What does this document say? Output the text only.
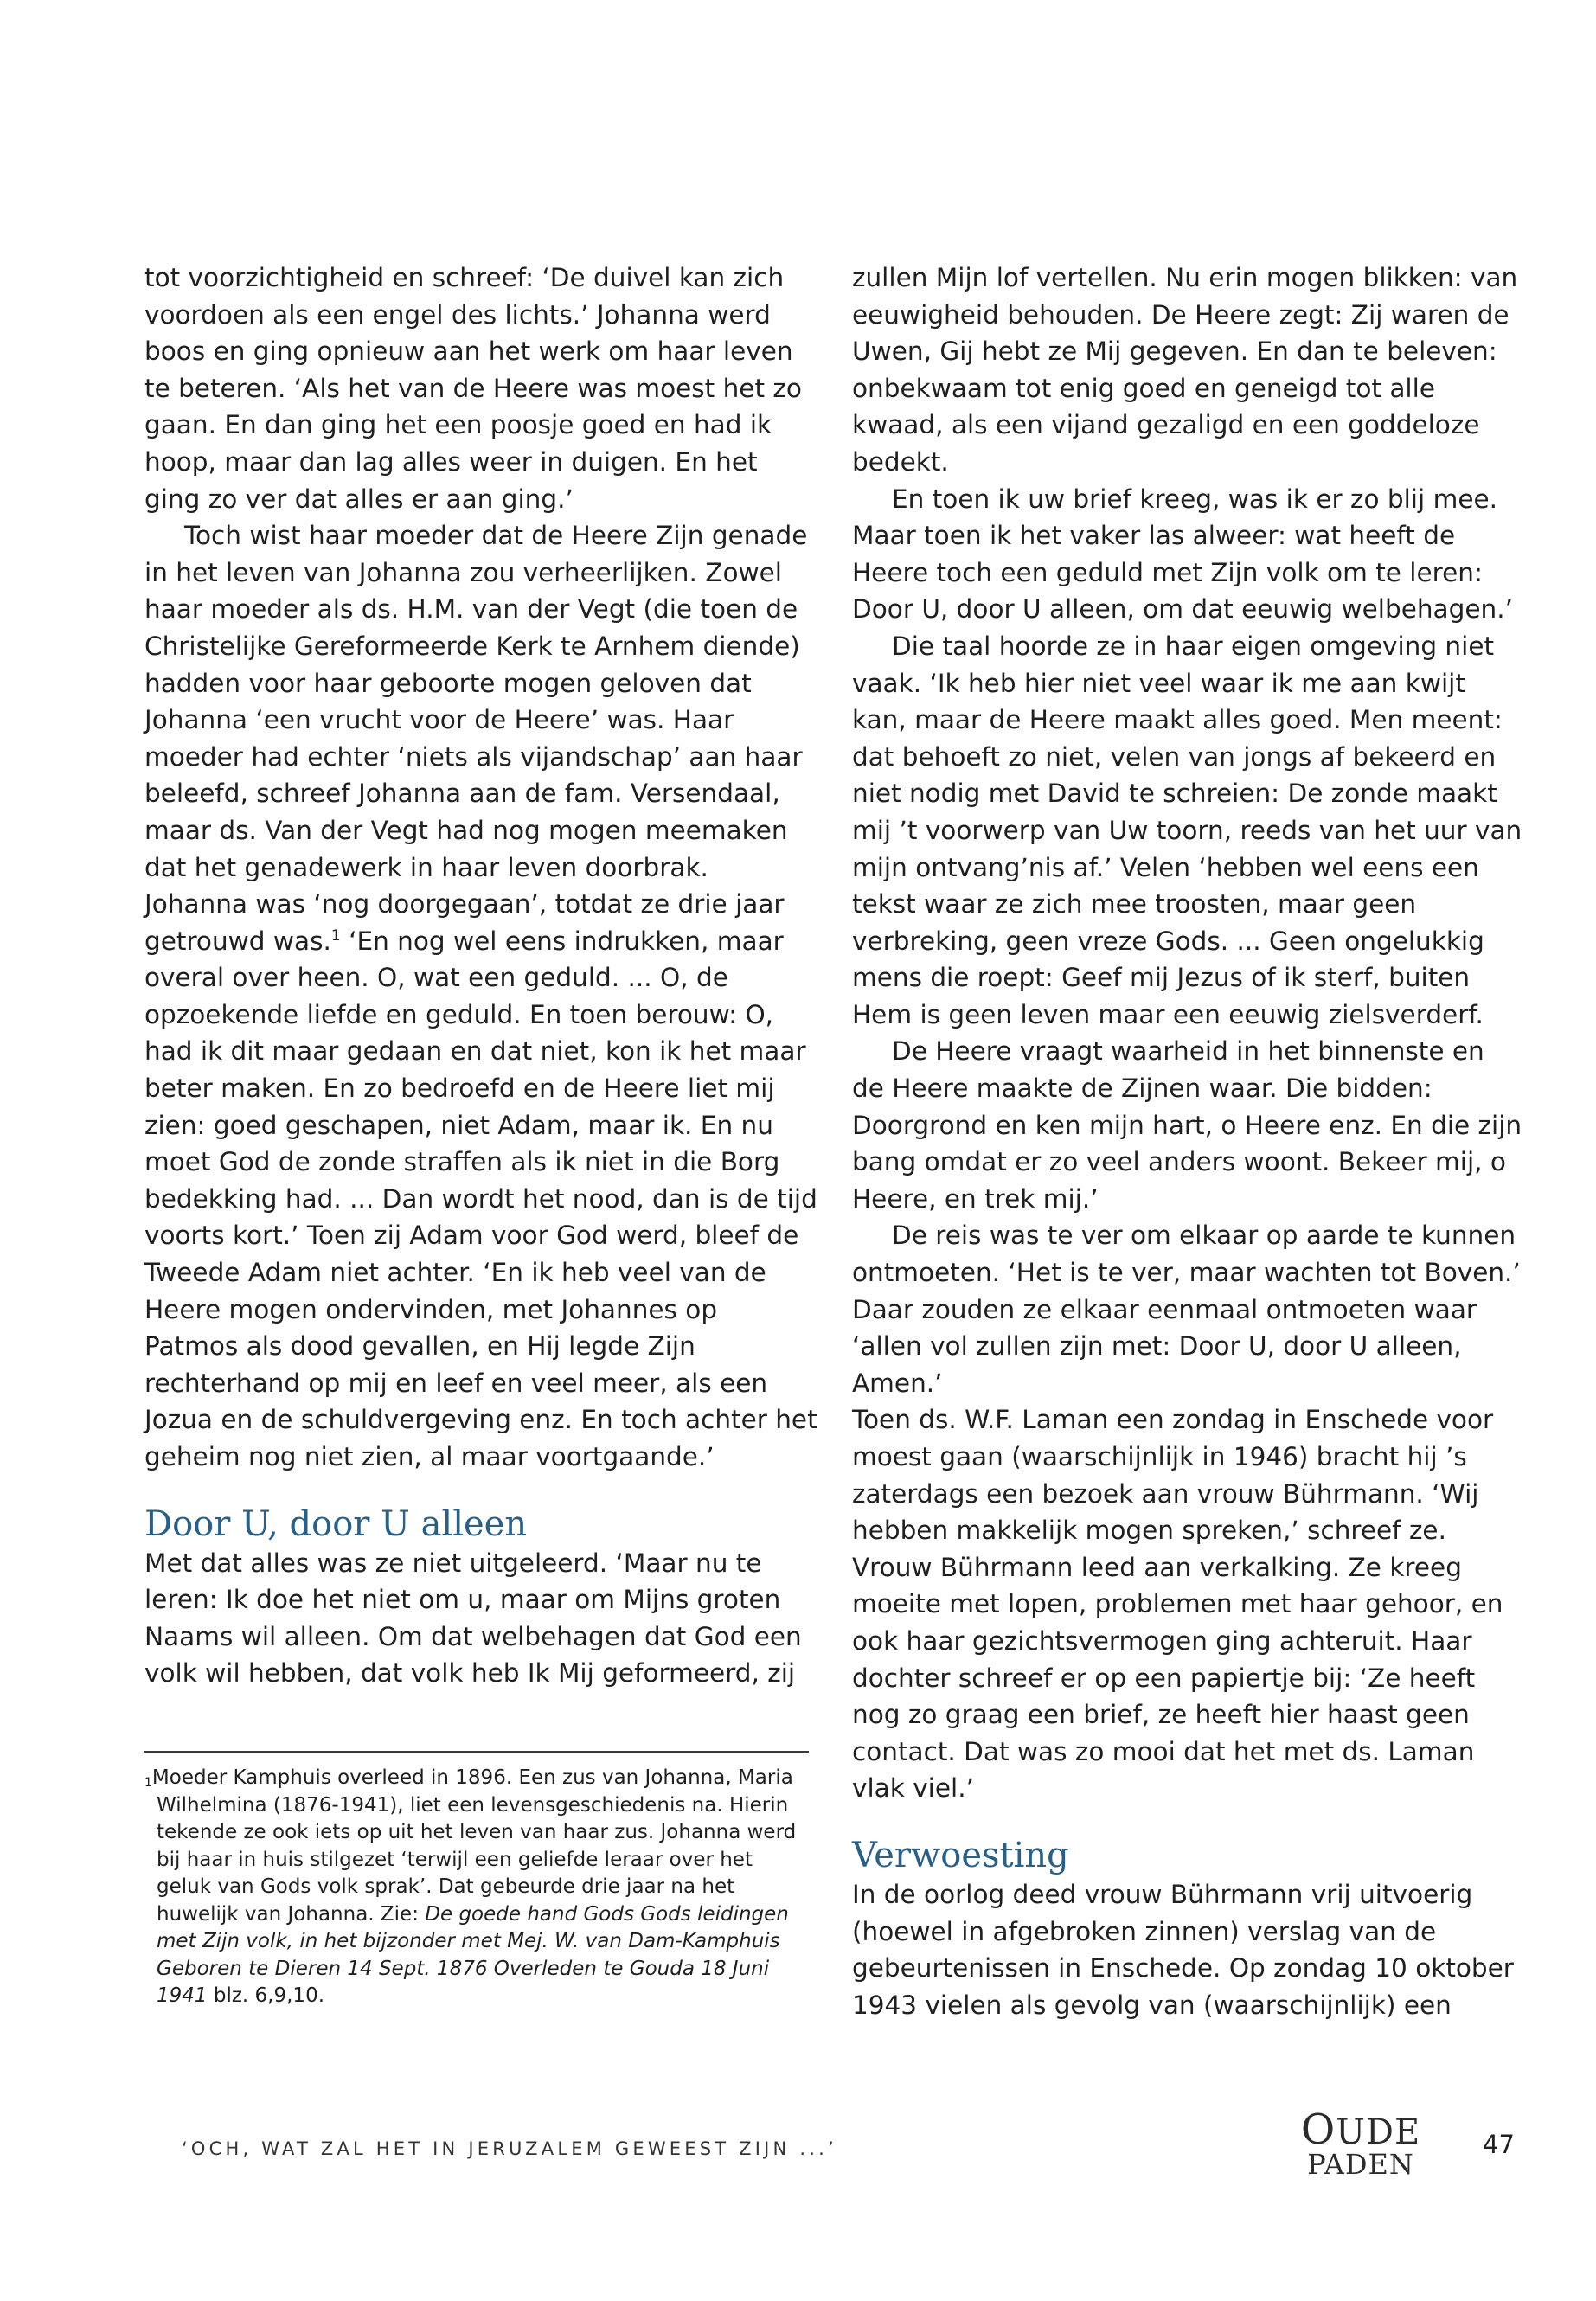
tot voorzichtigheid en schreef: ‘De duivel kan zich voordoen als een engel des lichts.’ Johanna werd boos en ging opnieuw aan het werk om haar leven te beteren. ‘Als het van de Heere was moest het zo gaan. En dan ging het een poosje goed en had ik hoop, maar dan lag alles weer in duigen. En het ging zo ver dat alles er aan ging.’

Toch wist haar moeder dat de Heere Zijn genade in het leven van Johanna zou verheerlijken. Zowel haar moeder als ds. H.M. van der Vegt (die toen de Christelijke Gereformeerde Kerk te Arnhem diende) hadden voor haar geboorte mogen geloven dat Johanna ‘een vrucht voor de Heere’ was. Haar moeder had echter ‘niets als vijandschap’ aan haar beleefd, schreef Johanna aan de fam. Versendaal, maar ds. Van der Vegt had nog mogen meemaken dat het genadewerk in haar leven doorbrak. Johanna was ‘nog doorgegaan’, totdat ze drie jaar getrouwd was.$^1$ ‘En nog wel eens indrukken, maar overal over heen. O, wat een geduld. ... O, de opzoekende liefde en geduld. En toen berouw: O, had ik dit maar gedaan en dat niet, kon ik het maar beter maken. En zo bedroefd en de Heere liet mij zien: goed geschapen, niet Adam, maar ik. En nu moet God de zonde straffen als ik niet in die Borg bedekking had. ... Dan wordt het nood, dan is de tijd voorts kort.’ Toen zij Adam voor God werd, bleef de Tweede Adam niet achter. ‘En ik heb veel van de Heere mogen ondervinden, met Johannes op Patmos als dood gevallen, en Hij legde Zijn rechterhand op mij en leef en veel meer, als een Jozua en de schuldvergeving enz. En toch achter het geheim nog niet zien, al maar voortgaande.’

Door U, door U alleen

Met dat alles was ze niet uitgeleerd. ‘Maar nu te leren: Ik doe het niet om u, maar om Mijns groten Naams wil alleen. Om dat welbehagen dat God een volk wil hebben, dat volk heb Ik Mij geformeerd, zij

zullen Mijn lof vertellen. Nu erin mogen blikken: van eeuwigheid behouden. De Heere zegt: Zij waren de Uwen, Gij hebt ze Mij gegeven. En dan te beleven: onbekwaam tot enig goed en geneigd tot alle kwaad, als een vijand gezaligd en een goddeloze bedekt.

En toen ik uw brief kreeg, was ik er zo blij mee. Maar toen ik het vaker las alweer: wat heeft de Heere toch een geduld met Zijn volk om te leren: Door U, door U alleen, om dat eeuwig welbehagen.’

Die taal hoorde ze in haar eigen omgeving niet vaak. ‘Ik heb hier niet veel waar ik me aan kwijt kan, maar de Heere maakt alles goed. Men meent: dat behoeft zo niet, velen van jongs af bekeerd en niet nodig met David te schreien: De zonde maakt mij ’t voorwerp van Uw toorn, reeds van het uur van mijn ontvang’nis af.’ Velen ‘hebben wel eens een tekst waar ze zich mee troosten, maar geen verbreking, geen vreze Gods. ... Geen ongelukkig mens die roept: Geef mij Jezus of ik sterf, buiten Hem is geen leven maar een eeuwig zielsverderf.

De Heere vraagt waarheid in het binnenste en de Heere maakte de Zijnen waar. Die bidden: Doorgrond en ken mijn hart, o Heere enz. En die zijn bang omdat er zo veel anders woont. Bekeer mij, o Heere, en trek mij.’

De reis was te ver om elkaar op aarde te kunnen ontmoeten. ‘Het is te ver, maar wachten tot Boven.’ Daar zouden ze elkaar eenmaal ontmoeten waar ‘allen vol zullen zijn met: Door U, door U alleen, Amen.’

Toen ds. W.F. Laman een zondag in Enschede voor moest gaan (waarschijnlijk in 1946) bracht hij ’s zaterdags een bezoek aan vrouw Bührmann. ‘Wij hebben makkelijk mogen spreken,’ schreef ze. Vrouw Bührmann leed aan verkalking. Ze kreeg moeite met lopen, problemen met haar gehoor, en ook haar gezichtsvermogen ging achteruit. Haar dochter schreef er op een papiertje bij: ‘Ze heeft nog zo graag een brief, ze heeft hier haast geen contact. Dat was zo mooi dat het met ds. Laman vlak viel.’

Verwoesting

In de oorlog deed vrouw Bührmann vrij uitvoerig (hoewel in afgebroken zinnen) verslag van de gebeurtenissen in Enschede. Op zondag 10 oktober 1943 vielen als gevolg van (waarschijnlijk) een

$^1$Moeder Kamphuis overleed in 1896. Een zus van Johanna, Maria Wilhelmina (1876-1941), liet een levensgeschiedenis na. Hierin tekende ze ook iets op uit het leven van haar zus. Johanna werd bij haar in huis stilgezet ‘terwijl een geliefde leraar over het geluk van Gods volk sprak’. Dat gebeurde drie jaar na het huwelijk van Johanna. Zie: De goede hand Gods Gods leidingen met Zijn volk, in het bijzonder met Mej. W. van Dam-Kamphuis Geboren te Dieren 14 Sept. 1876 Overleden te Gouda 18 Juni 1941 blz. 6,9,10.
‘OCH, WAT ZAL HET IN JERUZALEM GEWEEST ZIJN ...’	OUDE
PADEN
47
